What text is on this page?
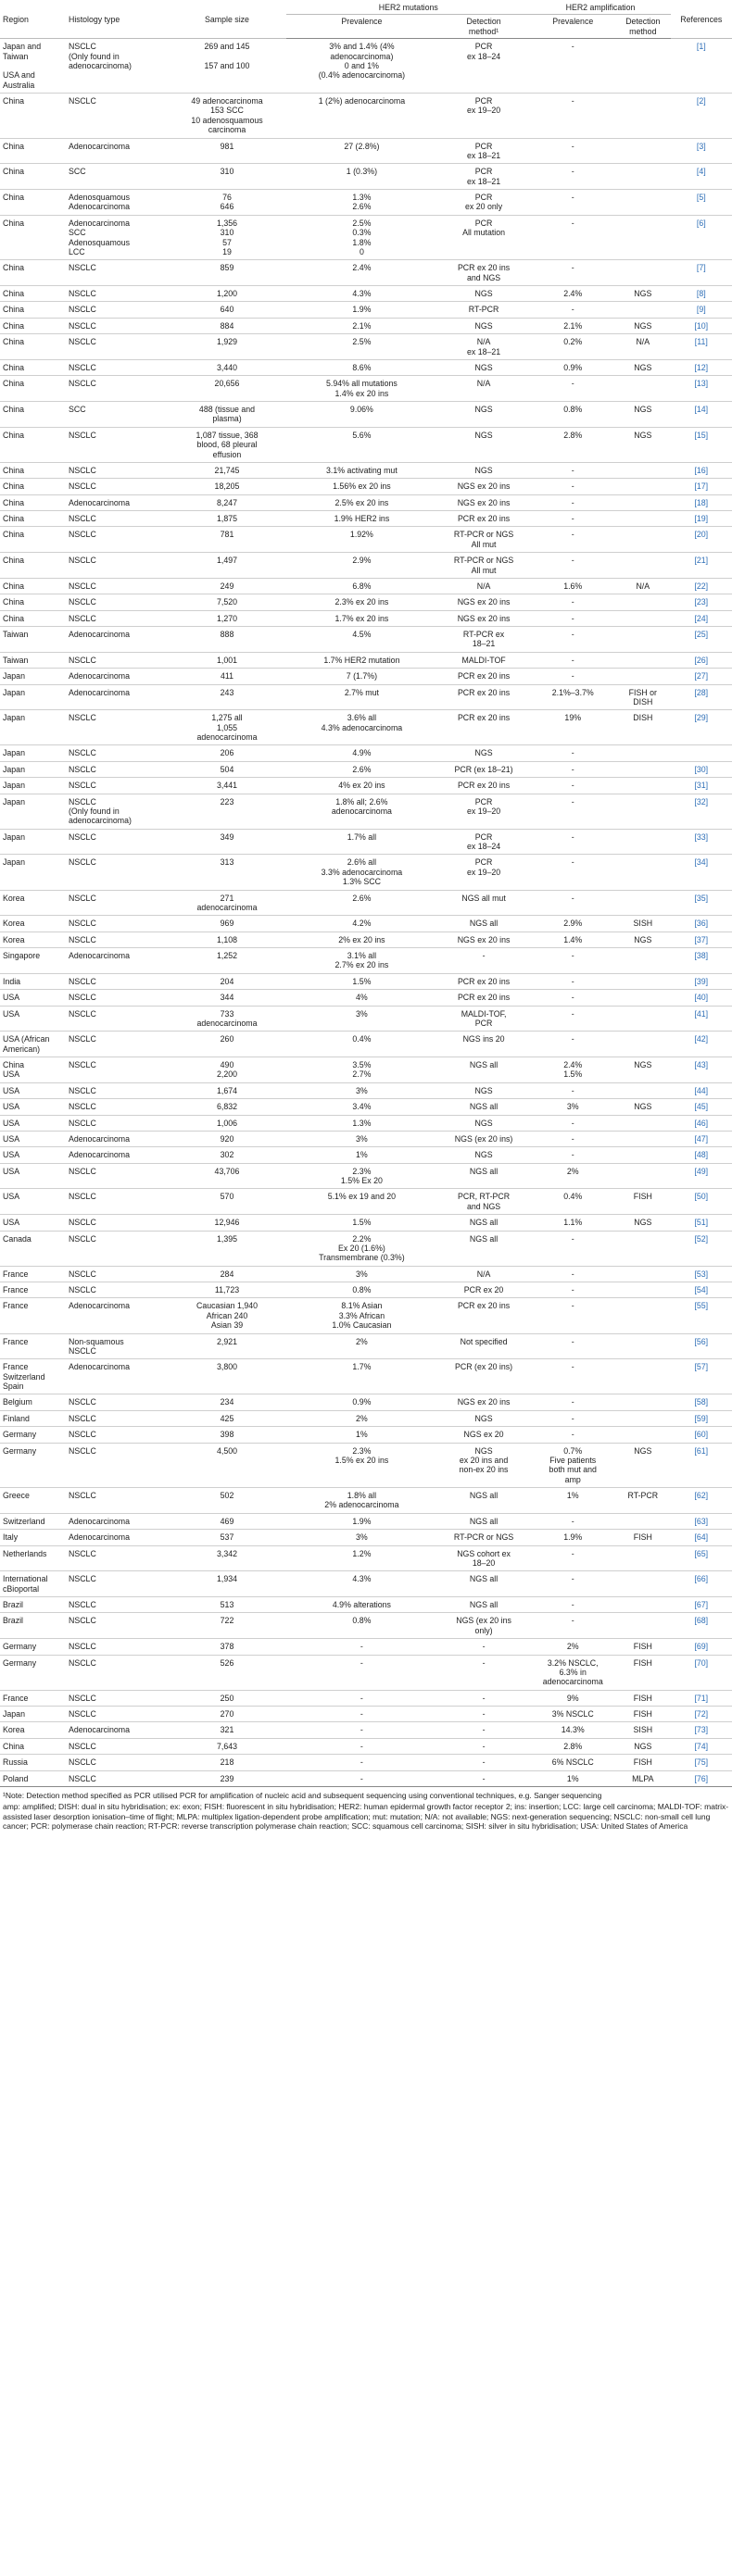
Region	Histology type	Sample size	HER2 mutations		HER2 amplification		References
			Prevalence	Detection
method¹	Prevalence	Detection
method	
Japan and
Taiwan

USA and
Australia	NSCLC
(Only found in
adenocarcinoma)	269 and 145

157 and 100	3% and 1.4% (4%
adenocarcinoma)
0 and 1%
(0.4% adenocarcinoma)	PCR
ex 18–24	-		[1]
China	NSCLC	49 adenocarcinoma
153 SCC
10 adenosquamous
carcinoma	1 (2%) adenocarcinoma	PCR
ex 19–20	-		[2]
China	Adenocarcinoma	981	27 (2.8%)	PCR
ex 18–21	-		[3]
China	SCC	310	1 (0.3%)	PCR
ex 18–21	-		[4]
China	Adenosquamous
Adenocarcinoma	76
646	1.3%
2.6%	PCR
ex 20 only	-		[5]
China	Adenocarcinoma
SCC
Adenosquamous
LCC	1,356
310
57
19	2.5%
0.3%
1.8%
0	PCR
All mutation	-		[6]
China	NSCLC	859	2.4%	PCR ex 20 ins
and NGS	-		[7]
China	NSCLC	1,200	4.3%	NGS	2.4%	NGS	[8]
China	NSCLC	640	1.9%	RT-PCR	-		[9]
China	NSCLC	884	2.1%	NGS	2.1%	NGS	[10]
China	NSCLC	1,929	2.5%	N/A
ex 18–21	0.2%	N/A	[11]
China	NSCLC	3,440	8.6%	NGS	0.9%	NGS	[12]
China	NSCLC	20,656	5.94% all mutations
1.4% ex 20 ins	N/A	-		[13]
China	SCC	488 (tissue and
plasma)	9.06%	NGS	0.8%	NGS	[14]
China	NSCLC	1,087 tissue, 368
blood, 68 pleural
effusion	5.6%	NGS	2.8%	NGS	[15]
China	NSCLC	21,745	3.1% activating mut	NGS	-		[16]
China	NSCLC	18,205	1.56% ex 20 ins	NGS ex 20 ins	-		[17]
China	Adenocarcinoma	8,247	2.5% ex 20 ins	NGS ex 20 ins	-		[18]
China	NSCLC	1,875	1.9% HER2 ins	PCR ex 20 ins	-		[19]
China	NSCLC	781	1.92%	RT-PCR or NGS
All mut	-		[20]
China	NSCLC	1,497	2.9%	RT-PCR or NGS
All mut	-		[21]
China	NSCLC	249	6.8%	N/A	1.6%	N/A	[22]
China	NSCLC	7,520	2.3% ex 20 ins	NGS ex 20 ins	-		[23]
China	NSCLC	1,270	1.7% ex 20 ins	NGS ex 20 ins	-		[24]
Taiwan	Adenocarcinoma	888	4.5%	RT-PCR ex
18–21	-		[25]
Taiwan	NSCLC	1,001	1.7% HER2 mutation	MALDI-TOF	-		[26]
Japan	Adenocarcinoma	411	7 (1.7%)	PCR ex 20 ins	-		[27]
Japan	Adenocarcinoma	243	2.7% mut	PCR ex 20 ins	2.1%–3.7%	FISH or
DISH	[28]
Japan	NSCLC	1,275 all
1,055
adenocarcinoma	3.6% all
4.3% adenocarcinoma	PCR ex 20 ins	19%	DISH	[29]
Japan	NSCLC	206	4.9%	NGS	-		
Japan	NSCLC	504	2.6%	PCR (ex 18–21)	-		[30]
Japan	NSCLC	3,441	4% ex 20 ins	PCR ex 20 ins	-		[31]
Japan	NSCLC
(Only found in
adenocarcinoma)	223	1.8% all; 2.6%
adenocarcinoma	PCR
ex 19–20	-		[32]
Japan	NSCLC	349	1.7% all	PCR
ex 18–24	-		[33]
Japan	NSCLC	313	2.6% all
3.3% adenocarcinoma
1.3% SCC	PCR
ex 19–20	-		[34]
Korea	NSCLC	271
adenocarcinoma	2.6%	NGS all mut	-		[35]
Korea	NSCLC	969	4.2%	NGS all	2.9%	SISH	[36]
Korea	NSCLC	1,108	2% ex 20 ins	NGS ex 20 ins	1.4%	NGS	[37]
Singapore	Adenocarcinoma	1,252	3.1% all
2.7% ex 20 ins	-	-		[38]
India	NSCLC	204	1.5%	PCR ex 20 ins	-		[39]
USA	NSCLC	344	4%	PCR ex 20 ins	-		[40]
USA	NSCLC	733
adenocarcinoma	3%	MALDI-TOF,
PCR	-		[41]
USA (African
American)	NSCLC	260	0.4%	NGS ins 20	-		[42]
China
USA	NSCLC	490
2,200	3.5%
2.7%	NGS all	2.4%
1.5%	NGS	[43]
USA	NSCLC	1,674	3%	NGS	-		[44]
USA	NSCLC	6,832	3.4%	NGS all	3%	NGS	[45]
USA	NSCLC	1,006	1.3%	NGS	-		[46]
USA	Adenocarcinoma	920	3%	NGS (ex 20 ins)	-		[47]
USA	Adenocarcinoma	302	1%	NGS	-		[48]
USA	NSCLC	43,706	2.3%
1.5% Ex 20	NGS all	2%		[49]
USA	NSCLC	570	5.1% ex 19 and 20	PCR, RT-PCR
and NGS	0.4%	FISH	[50]
USA	NSCLC	12,946	1.5%	NGS all	1.1%	NGS	[51]
Canada	NSCLC	1,395	2.2%
Ex 20 (1.6%)
Transmembrane (0.3%)	NGS all	-		[52]
France	NSCLC	284	3%	N/A	-		[53]
France	NSCLC	11,723	0.8%	PCR ex 20	-		[54]
France	Adenocarcinoma	Caucasian 1,940
African 240
Asian 39	8.1% Asian
3.3% African
1.0% Caucasian	PCR ex 20 ins	-		[55]
France	Non-squamous
NSCLC	2,921	2%	Not specified	-		[56]
France
Switzerland
Spain	Adenocarcinoma	3,800	1.7%	PCR (ex 20 ins)	-		[57]
Belgium	NSCLC	234	0.9%	NGS ex 20 ins	-		[58]
Finland	NSCLC	425	2%	NGS	-		[59]
Germany	NSCLC	398	1%	NGS ex 20	-		[60]
Germany	NSCLC	4,500	2.3%
1.5% ex 20 ins	NGS
ex 20 ins and
non-ex 20 ins	0.7%
Five patients
both mut and
amp	NGS	[61]
Greece	NSCLC	502	1.8% all
2% adenocarcinoma	NGS all	1%	RT-PCR	[62]
Switzerland	Adenocarcinoma	469	1.9%	NGS all	-		[63]
Italy	Adenocarcinoma	537	3%	RT-PCR or NGS	1.9%	FISH	[64]
Netherlands	NSCLC	3,342	1.2%	NGS cohort ex
18–20	-		[65]
International
cBioportal	NSCLC	1,934	4.3%	NGS all	-		[66]
Brazil	NSCLC	513	4.9% alterations	NGS all	-		[67]
Brazil	NSCLC	722	0.8%	NGS (ex 20 ins
only)	-		[68]
Germany	NSCLC	378	-	-	2%	FISH	[69]
Germany	NSCLC	526	-	-	3.2% NSCLC,
6.3% in
adenocarcinoma	FISH	[70]
France	NSCLC	250	-	-	9%	FISH	[71]
Japan	NSCLC	270	-	-	3% NSCLC	FISH	[72]
Korea	Adenocarcinoma	321	-	-	14.3%	SISH	[73]
China	NSCLC	7,643	-	-	2.8%	NGS	[74]
Russia	NSCLC	218	-	-	6% NSCLC	FISH	[75]
Poland	NSCLC	239	-	-	1%	MLPA	[76]

¹Note: Detection method specified as PCR utilised PCR for amplification of nucleic acid and subsequent sequencing using conventional techniques, e.g. Sanger sequencing

amp: amplified; DISH: dual in situ hybridisation; ex: exon; FISH: fluorescent in situ hybridisation; HER2: human epidermal growth factor receptor 2; ins: insertion; LCC: large cell carcinoma; MALDI-TOF: matrix-assisted laser desorption ionisation–time of flight; MLPA: multiplex ligation-dependent probe amplification; mut: mutation; N/A: not available; NGS: next-generation sequencing; NSCLC: non-small cell lung cancer; PCR: polymerase chain reaction; RT-PCR: reverse transcription polymerase chain reaction; SCC: squamous cell carcinoma; SISH: silver in situ hybridisation; USA: United States of America
